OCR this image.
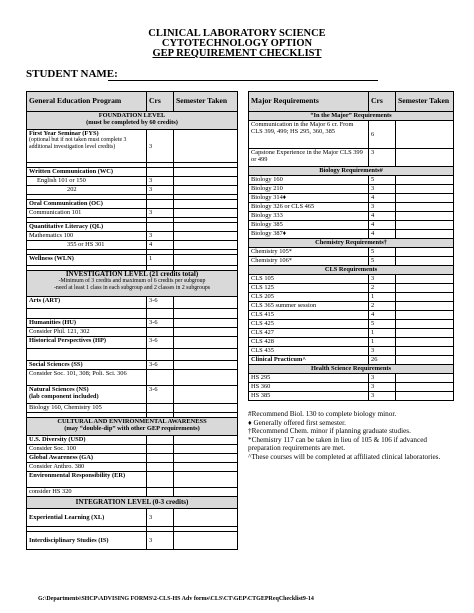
CLINICAL LABORATORY SCIENCE
CYTOTECHNOLOGY OPTION
GEP REQUIREMENT CHECKLIST
STUDENT NAME:
General Education Program	Crs	Semester Taken

FOUNDATION LEVEL
(must be completed by 60 credits)		

First Year Seminar (FYS)
(optional but if not taken must complete 3 additional investigation level credits)	3	

Written Communication (WC)		
English 101 or 150	3	
202	3	

Oral Communication (OC)		
Communication 101	3	

Quantitative Literacy (QL)		
Mathematics 100	3	
355 or HS 301	4	

Wellness (WLN)	1	

INVESTIGATION LEVEL (21 credits total)
-Minimum of 3 credits and maximum of 6 credits per subgroup
-need at least 1 class in each subgroup and 2 classes in 2 subgroups		

Arts (ART)	3-6	

Humanities (HU)	3-6	
Consider Phil. 121, 302		
Historical Perspectives (HP)	3-6	

Social Sciences (SS)	3-6	
Consider Soc. 101, 308; Poli. Sci. 306		

Natural Sciences (NS)
(lab component included)	3-6	
Biology 160, Chemistry 105		

CULTURAL AND ENVIRONMENTAL AWARENESS
(may “double-dip” with other GEP requirements)		

U.S. Diversity (USD)		
Consider Soc. 100		
Global Awareness (GA)		
Consider Anthro. 380		
Environmental Responsibility (ER)		
consider HS 320		

INTEGRATION LEVEL (0-3 credits)		

Experiential Learning (XL)	3	

Interdisciplinary Studies (IS)	3	
Major Requirements	Crs	Semester Taken
“In the Major” Requirements		
Communication in the Major 6 cr. From CLS 399, 499; HS 295, 360, 385	6	
Capstone Experience in the Major CLS 399 or 499	3	
Biology Requirements#		
Biology 160	5	
Biology 210	3	
Biology 314♦	4	
Biology 326 or CLS 465	3	
Biology 333	4	
Biology 385	4	
Biology 387♦	4	
Chemistry Requirements†		
Chemistry 105*	5	
Chemistry 106*	5	
CLS Requirements		
CLS 105	3	
CLS 125	2	
CLS 205	1	
CLS 365 summer session	2	
CLS 415	4	
CLS 425	5	
CLS 427	1	
CLS 428	1	
CLS 435	3	
Clinical Practicum^	26	
Health Science Requirements		
HS 295	3	
HS 360	3	
HS 385	3	
#Recommend Biol. 130 to complete biology minor.
♦ Generally offered first semester.
†Recommend Chem. minor if planning graduate studies.
*Chemistry 117 can be taken in lieu of 105 & 106 if advanced preparation requirements are met.
^These courses will be completed at affiliated clinical laboratories.
G:\Departments\SHCP\ADVISING FORMS\2-CLS-HS Adv forms\CLS\CT\GEP\CTGEPReqChecklist9-14
